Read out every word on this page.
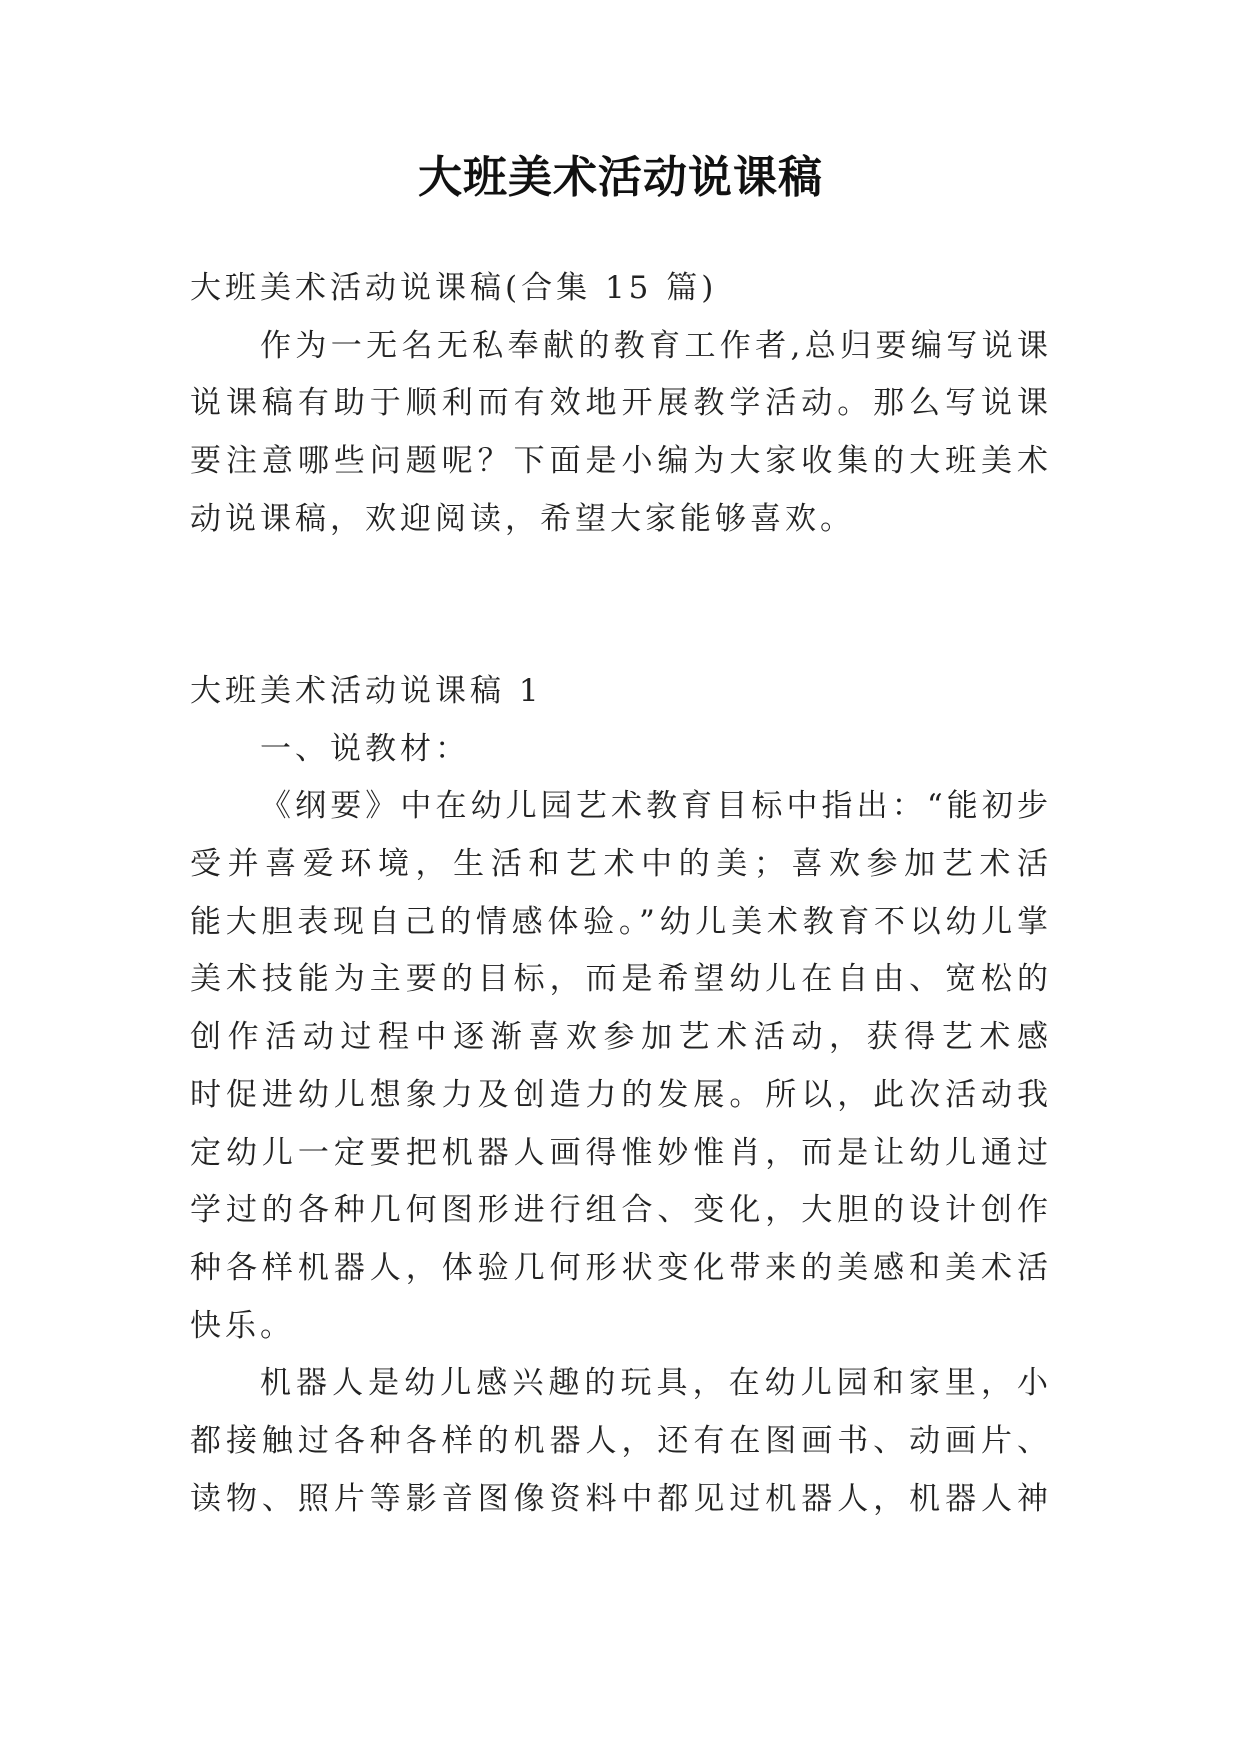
大班美术活动说课稿
大班美术活动说课稿(合集 15 篇)
作为一无名无私奉献的教育工作者,总归要编写说课
说课稿有助于顺利而有效地开展教学活动。那么写说课
要注意哪些问题呢？下面是小编为大家收集的大班美术
动说课稿，欢迎阅读，希望大家能够喜欢。
大班美术活动说课稿 1
一、说教材：
《纲要》中在幼儿园艺术教育目标中指出：“能初步
受并喜爱环境，生活和艺术中的美；喜欢参加艺术活
能大胆表现自己的情感体验。”幼儿美术教育不以幼儿掌
美术技能为主要的目标，而是希望幼儿在自由、宽松的
创作活动过程中逐渐喜欢参加艺术活动，获得艺术感
时促进幼儿想象力及创造力的发展。所以，此次活动我
定幼儿一定要把机器人画得惟妙惟肖，而是让幼儿通过
学过的各种几何图形进行组合、变化，大胆的设计创作
种各样机器人，体验几何形状变化带来的美感和美术活
快乐。
机器人是幼儿感兴趣的玩具，在幼儿园和家里，小
都接触过各种各样的机器人，还有在图画书、动画片、
读物、照片等影音图像资料中都见过机器人，机器人神
